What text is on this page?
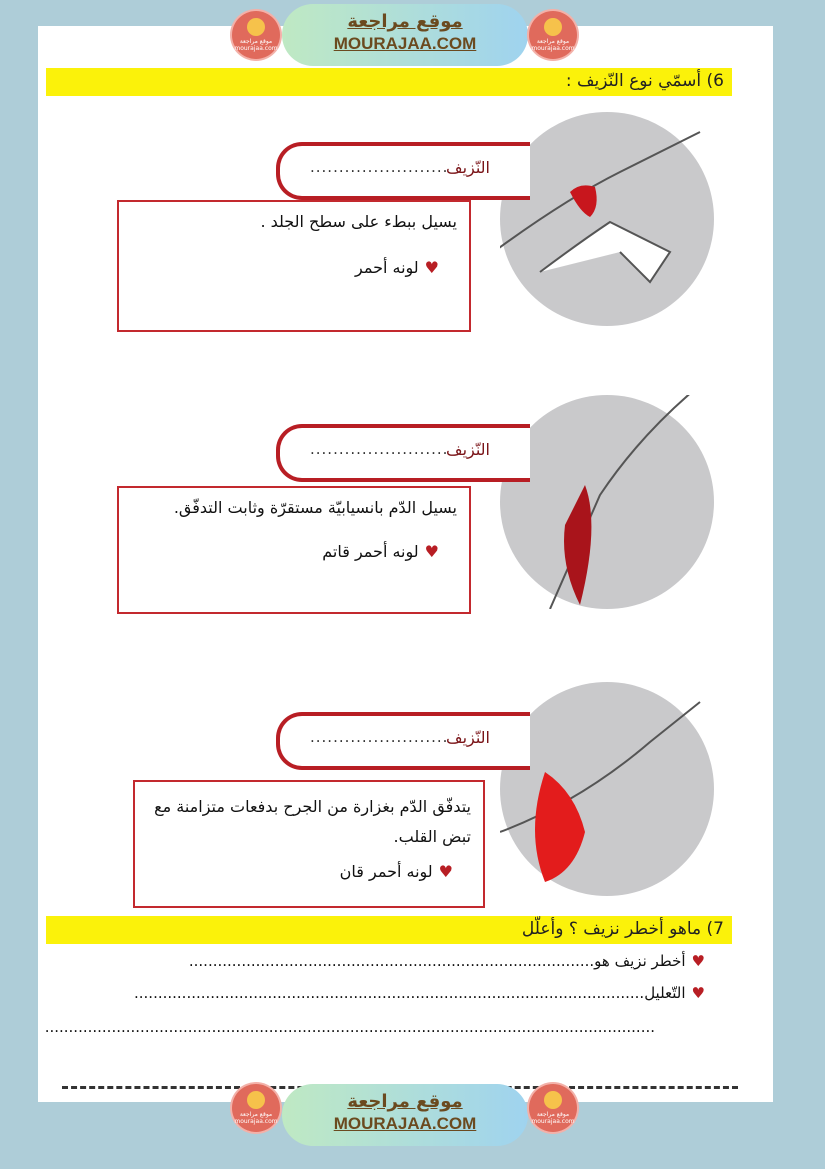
موقع مراجعة mourajaa.com
موقع مراجعة
MOURAJAA.COM	موقع مراجعة mourajaa.com
6) أسمّي نوع النّزيف :
النّزيف
........................
يسيل ببطء على سطح الجلد .
♥لونه أحمر
النّزيف
........................
يسيل الدّم بانسيابيّة مستقرّة وثابت التدفّق.
♥لونه أحمر قاتم
النّزيف
........................
يتدفّق الدّم بغزارة من الجرح بدفعات متزامنة مع تبض القلب.
♥لونه أحمر قان
7) ماهو أخطر نزيف ؟ وأعلّل
♥أخطر نزيف هو.....................................................................................
♥التّعليل...........................................................................................................
................................................................................................................................
موقع مراجعة mourajaa.com
موقع مراجعة
MOURAJAA.COM	موقع مراجعة mourajaa.com
